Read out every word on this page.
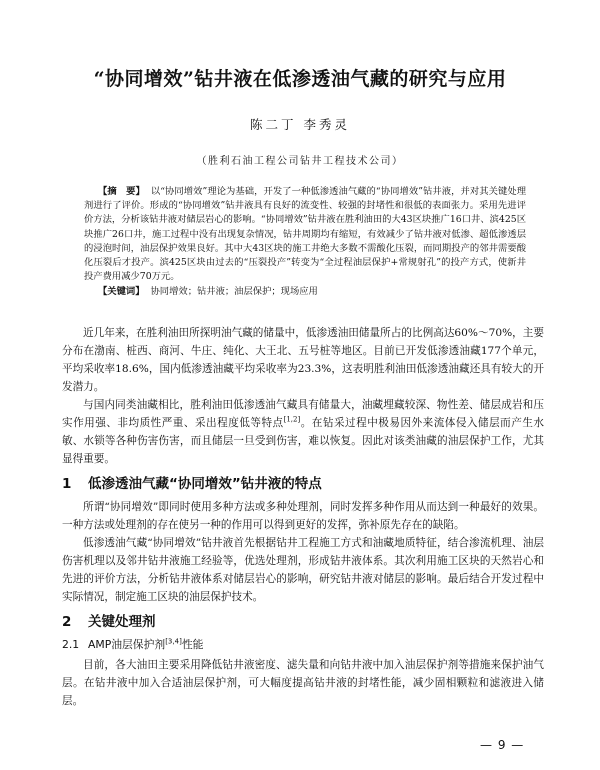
“协同增效”钻井液在低渗透油气藏的研究与应用
陈二丁 李秀灵
（胜利石油工程公司钻井工程技术公司）

【摘　要】 以“协同增效”理论为基础，开发了一种低渗透油气藏的“协同增效”钻井液，并对其关键处理剂进行了评价。形成的“协同增效”钻井液具有良好的流变性、较强的封堵性和很低的表面张力。采用先进评价方法，分析该钻井液对储层岩心的影响。“协同增效”钻井液在胜利油田的大43区块推广16口井、滨425区块推广26口井，施工过程中没有出现复杂情况，钻井周期均有缩短，有效减少了钻井液对低渗、超低渗透层的浸泡时间，油层保护效果良好。其中大43区块的施工井绝大多数不需酸化压裂，而同期投产的邻井需要酸化压裂后才投产。滨425区块由过去的“压裂投产”转变为“全过程油层保护+常规射孔”的投产方式，使新井投产费用减少70万元。

【关键词】 协同增效；钻井液；油层保护；现场应用

近几年来，在胜利油田所探明油气藏的储量中，低渗透油田储量所占的比例高达60%～70%，主要分布在渤南、桩西、商河、牛庄、纯化、大王北、五号桩等地区。目前已开发低渗透油藏177个单元，平均采收率18.6%，国内低渗透油藏平均采收率为23.3%，这表明胜利油田低渗透油藏还具有较大的开发潜力。

与国内同类油藏相比，胜利油田低渗透油气藏具有储量大，油藏埋藏较深、物性差、储层成岩和压实作用强、非均质性严重、采出程度低等特点[1,2]。在钻采过程中极易因外来流体侵入储层而产生水敏、水锁等各种伤害伤害，而且储层一旦受到伤害，难以恢复。因此对该类油藏的油层保护工作，尤其显得重要。

1 低渗透油气藏“协同增效”钻井液的特点

所谓“协同增效”即同时使用多种方法或多种处理剂，同时发挥多种作用从而达到一种最好的效果。一种方法或处理剂的存在使另一种的作用可以得到更好的发挥，弥补原先存在的缺陷。

低渗透油气藏“协同增效”钻井液首先根据钻井工程施工方式和油藏地质特征，结合渗流机理、油层伤害机理以及邻井钻井液施工经验等，优选处理剂，形成钻井液体系。其次利用施工区块的天然岩心和先进的评价方法，分析钻井液体系对储层岩心的影响，研究钻井液对储层的影响。最后结合开发过程中实际情况，制定施工区块的油层保护技术。

2 关键处理剂
2.1 AMP油层保护剂[3,4]性能

目前，各大油田主要采用降低钻井液密度、滤失量和向钻井液中加入油层保护剂等措施来保护油气层。在钻井液中加入合适油层保护剂，可大幅度提高钻井液的封堵性能，减少固相颗粒和滤液进入储层。

— 9 —
